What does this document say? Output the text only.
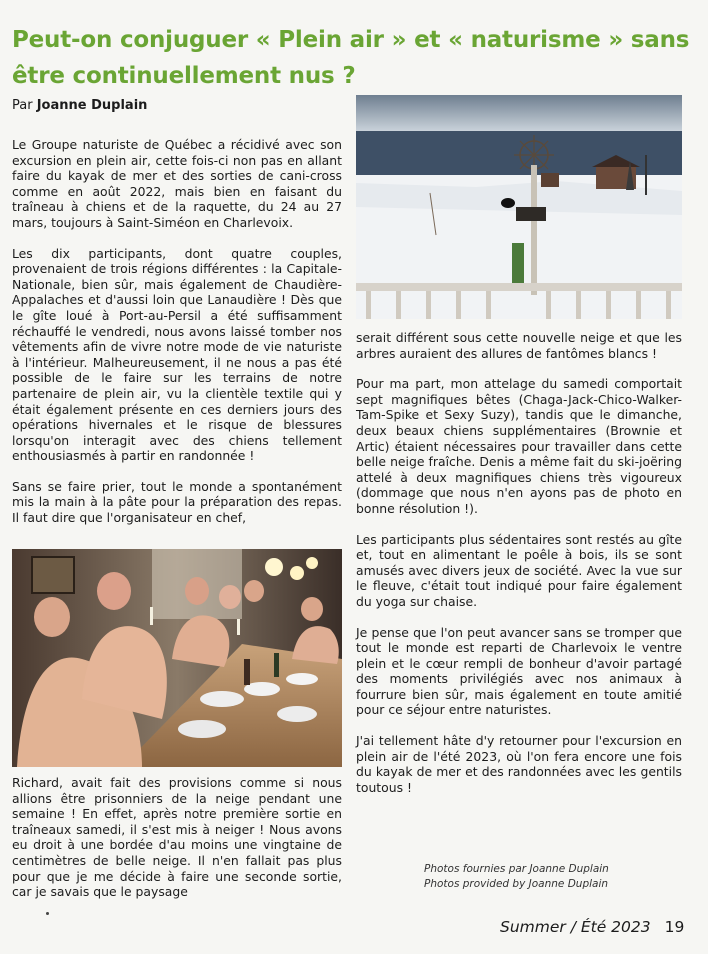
Peut-on conjuguer « Plein air » et « naturisme » sans être continuellement nus ?
Par Joanne Duplain

Le Groupe naturiste de Québec a récidivé avec son excursion en plein air, cette fois-ci non pas en allant faire du kayak de mer et des sorties de cani-cross comme en août 2022, mais bien en faisant du traîneau à chiens et de la raquette, du 24 au 27 mars, toujours à Saint-Siméon en Charlevoix.

Les dix participants, dont quatre couples, provenaient de trois régions différentes : la Capitale-Nationale, bien sûr, mais également de Chaudière-Appalaches et d'aussi loin que Lanaudière ! Dès que le gîte loué à Port-au-Persil a été suffisamment réchauffé le vendredi, nous avons laissé tomber nos vêtements afin de vivre notre mode de vie naturiste à l'intérieur. Malheureusement, il ne nous a pas été possible de le faire sur les terrains de notre partenaire de plein air, vu la clientèle textile qui y était également présente en ces derniers jours des opérations hivernales et le risque de blessures lorsqu'on interagit avec des chiens tellement enthousiasmés à partir en randonnée !

Sans se faire prier, tout le monde a spontanément mis la main à la pâte pour la préparation des repas. Il faut dire que l'organisateur en chef,

Richard, avait fait des provisions comme si nous allions être prisonniers de la neige pendant une semaine ! En effet, après notre première sortie en traîneaux samedi, il s'est mis à neiger ! Nous avons eu droit à une bordée d'au moins une vingtaine de centimètres de belle neige. Il n'en fallait pas plus pour que je me décide à faire une seconde sortie, car je savais que le paysage

serait différent sous cette nouvelle neige et que les arbres auraient des allures de fantômes blancs !

Pour ma part, mon attelage du samedi comportait sept magnifiques bêtes (Chaga-Jack-Chico-Walker-Tam-Spike et Sexy Suzy), tandis que le dimanche, deux beaux chiens supplémentaires (Brownie et Artic) étaient nécessaires pour travailler dans cette belle neige fraîche. Denis a même fait du ski-joëring attelé à deux magnifiques chiens très vigoureux (dommage que nous n'en ayons pas de photo en bonne résolution !).

Les participants plus sédentaires sont restés au gîte et, tout en alimentant le poêle à bois, ils se sont amusés avec divers jeux de société. Avec la vue sur le fleuve, c'était tout indiqué pour faire également du yoga sur chaise.

Je pense que l'on peut avancer sans se tromper que tout le monde est reparti de Charlevoix le ventre plein et le cœur rempli de bonheur d'avoir partagé des moments privilégiés avec nos animaux à fourrure bien sûr, mais également en toute amitié pour ce séjour entre naturistes.

J'ai tellement hâte d'y retourner pour l'excursion en plein air de l'été 2023, où l'on fera encore une fois du kayak de mer et des randonnées avec les gentils toutous !

Photos fournies par Joanne Duplain
Photos provided by Joanne Duplain
Summer / Été 2023 19
